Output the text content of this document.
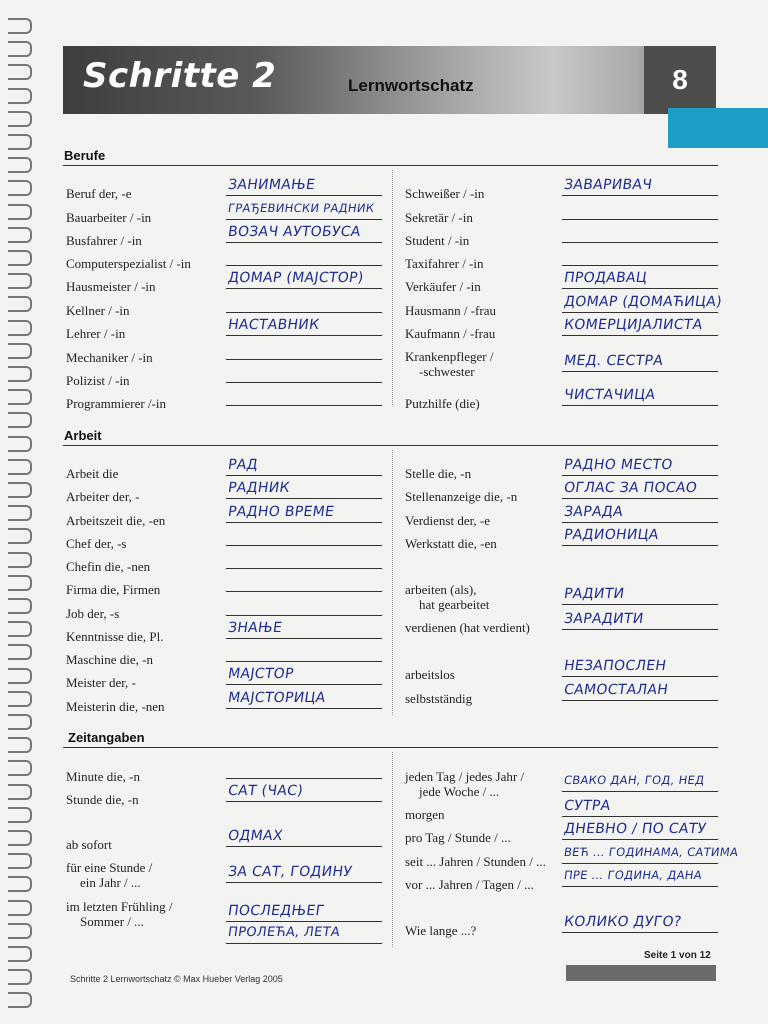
Schritte 2	Lernwortschatz	8
Berufe
Arbeit
Zeitangaben
Beruf der, -e
ЗАНИМАЊЕ
Bauarbeiter / -in
ГРАЂЕВИНСКИ РАДНИК
Busfahrer / -in
ВОЗАЧ АУТОБУСА
Computerspezialist / -in
Hausmeister / -in
ДОМАР (МАЈСТОР)
Kellner / -in
Lehrer / -in
НАСТАВНИК
Mechaniker / -in
Polizist / -in
Programmierer /-in
Schweißer / -in
ЗАВАРИВАЧ
Sekretär / -in
Student / -in
Taxifahrer / -in
Verkäufer / -in
ПРОДАВАЦ
Hausmann / -frau
ДОМАР (ДОМАЋИЦА)
Kaufmann / -frau
КОМЕРЦИЈАЛИСТА
Krankenpfleger /
-schwester
МЕД. СЕСТРА
Putzhilfe (die)
ЧИСТАЧИЦА
Arbeit die
РАД
Arbeiter der, -
РАДНИК
Arbeitszeit die, -en
РАДНО ВРЕМЕ
Chef der, -s
Chefin die, -nen
Firma die, Firmen
Job der, -s
Kenntnisse die, Pl.
ЗНАЊЕ
Maschine die, -n
Meister der, -
МАЈСТОР
Meisterin die, -nen
МАЈСТОРИЦА
Stelle die, -n
РАДНО МЕСТО
Stellenanzeige die, -n
ОГЛАС ЗА ПОСАО
Verdienst der, -e
ЗАРАДА
Werkstatt die, -en
РАДИОНИЦА
arbeiten (als),
hat gearbeitet
РАДИТИ
verdienen (hat verdient)
ЗАРАДИТИ
arbeitslos
НЕЗАПОСЛЕН
selbstständig
САМОСТАЛАН
Minute die, -n
Stunde die, -n
САТ (ЧАС)
ab sofort
ОДМАХ
für eine Stunde /
ein Jahr / ...
ЗА САТ, ГОДИНУ
im letzten Frühling /
Sommer / ...
ПОСЛЕДЊЕГ
ПРОЛЕЋА, ЛЕТА
jeden Tag / jedes Jahr /
jede Woche / ...
СВАКО ДАН, ГОД, НЕД
morgen
СУТРА
pro Tag / Stunde / ...
ДНЕВНО / ПО САТУ
seit ... Jahren / Stunden / ...
ВЕЋ ... ГОДИНАМА, САТИМА
vor ... Jahren / Tagen / ...
ПРЕ ... ГОДИНА, ДАНА
Wie lange ...?
КОЛИКО ДУГО?
Seite 1 von 12
Schritte 2 Lernwortschatz © Max Hueber Verlag 2005
